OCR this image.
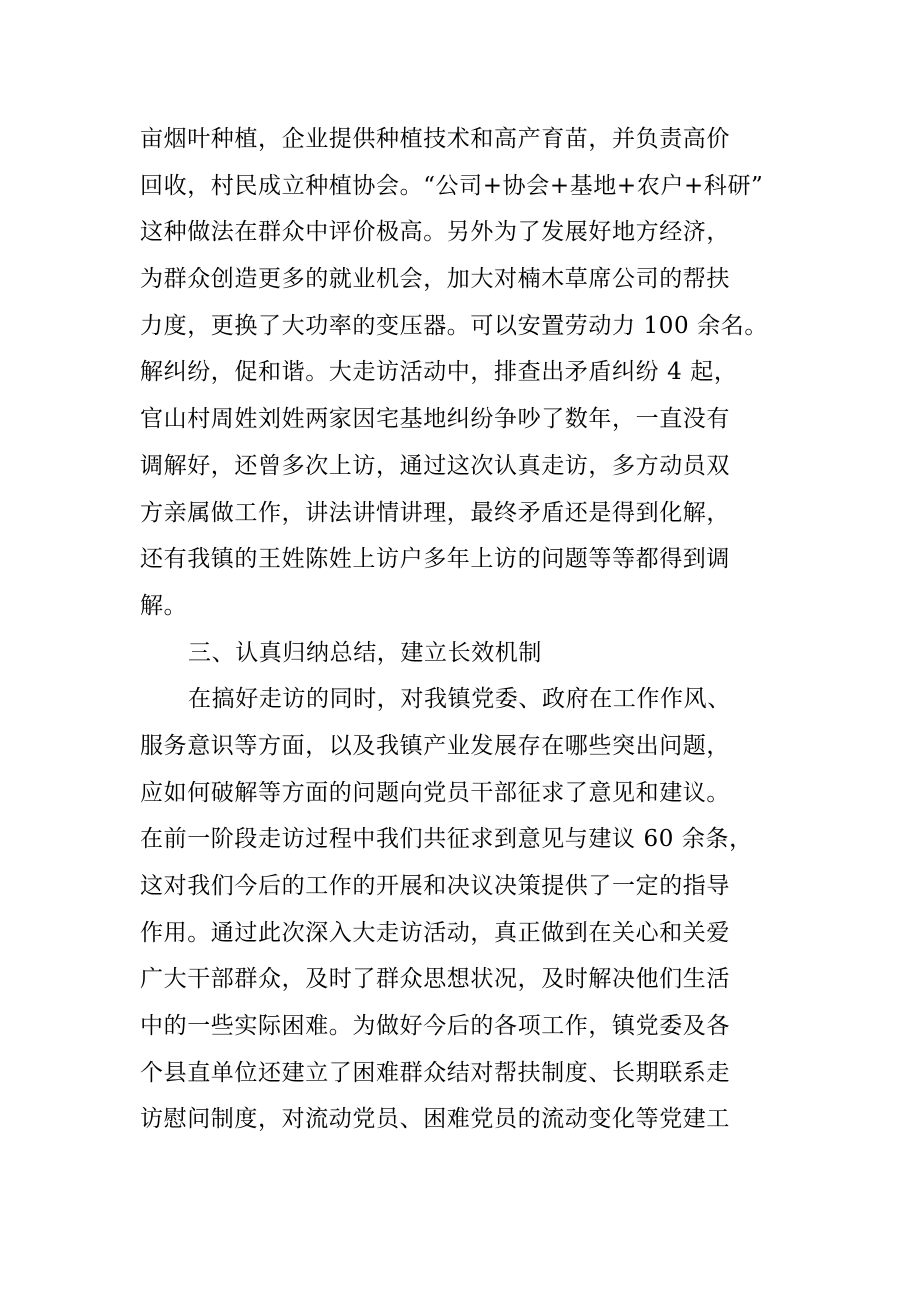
亩烟叶种植，企业提供种植技术和高产育苗，并负责高价
回收，村民成立种植协会。“公司+协会+基地+农户+科研”
这种做法在群众中评价极高。另外为了发展好地方经济，
为群众创造更多的就业机会，加大对楠木草席公司的帮扶
力度，更换了大功率的变压器。可以安置劳动力 100 余名。
解纠纷，促和谐。大走访活动中，排查出矛盾纠纷 4 起，
官山村周姓刘姓两家因宅基地纠纷争吵了数年，一直没有
调解好，还曾多次上访，通过这次认真走访，多方动员双
方亲属做工作，讲法讲情讲理，最终矛盾还是得到化解，
还有我镇的王姓陈姓上访户多年上访的问题等等都得到调
解。
三、认真归纳总结，建立长效机制
在搞好走访的同时，对我镇党委、政府在工作作风、
服务意识等方面，以及我镇产业发展存在哪些突出问题，
应如何破解等方面的问题向党员干部征求了意见和建议。
在前一阶段走访过程中我们共征求到意见与建议 60 余条，
这对我们今后的工作的开展和决议决策提供了一定的指导
作用。通过此次深入大走访活动，真正做到在关心和关爱
广大干部群众，及时了群众思想状况，及时解决他们生活
中的一些实际困难。为做好今后的各项工作，镇党委及各
个县直单位还建立了困难群众结对帮扶制度、长期联系走
访慰问制度，对流动党员、困难党员的流动变化等党建工
